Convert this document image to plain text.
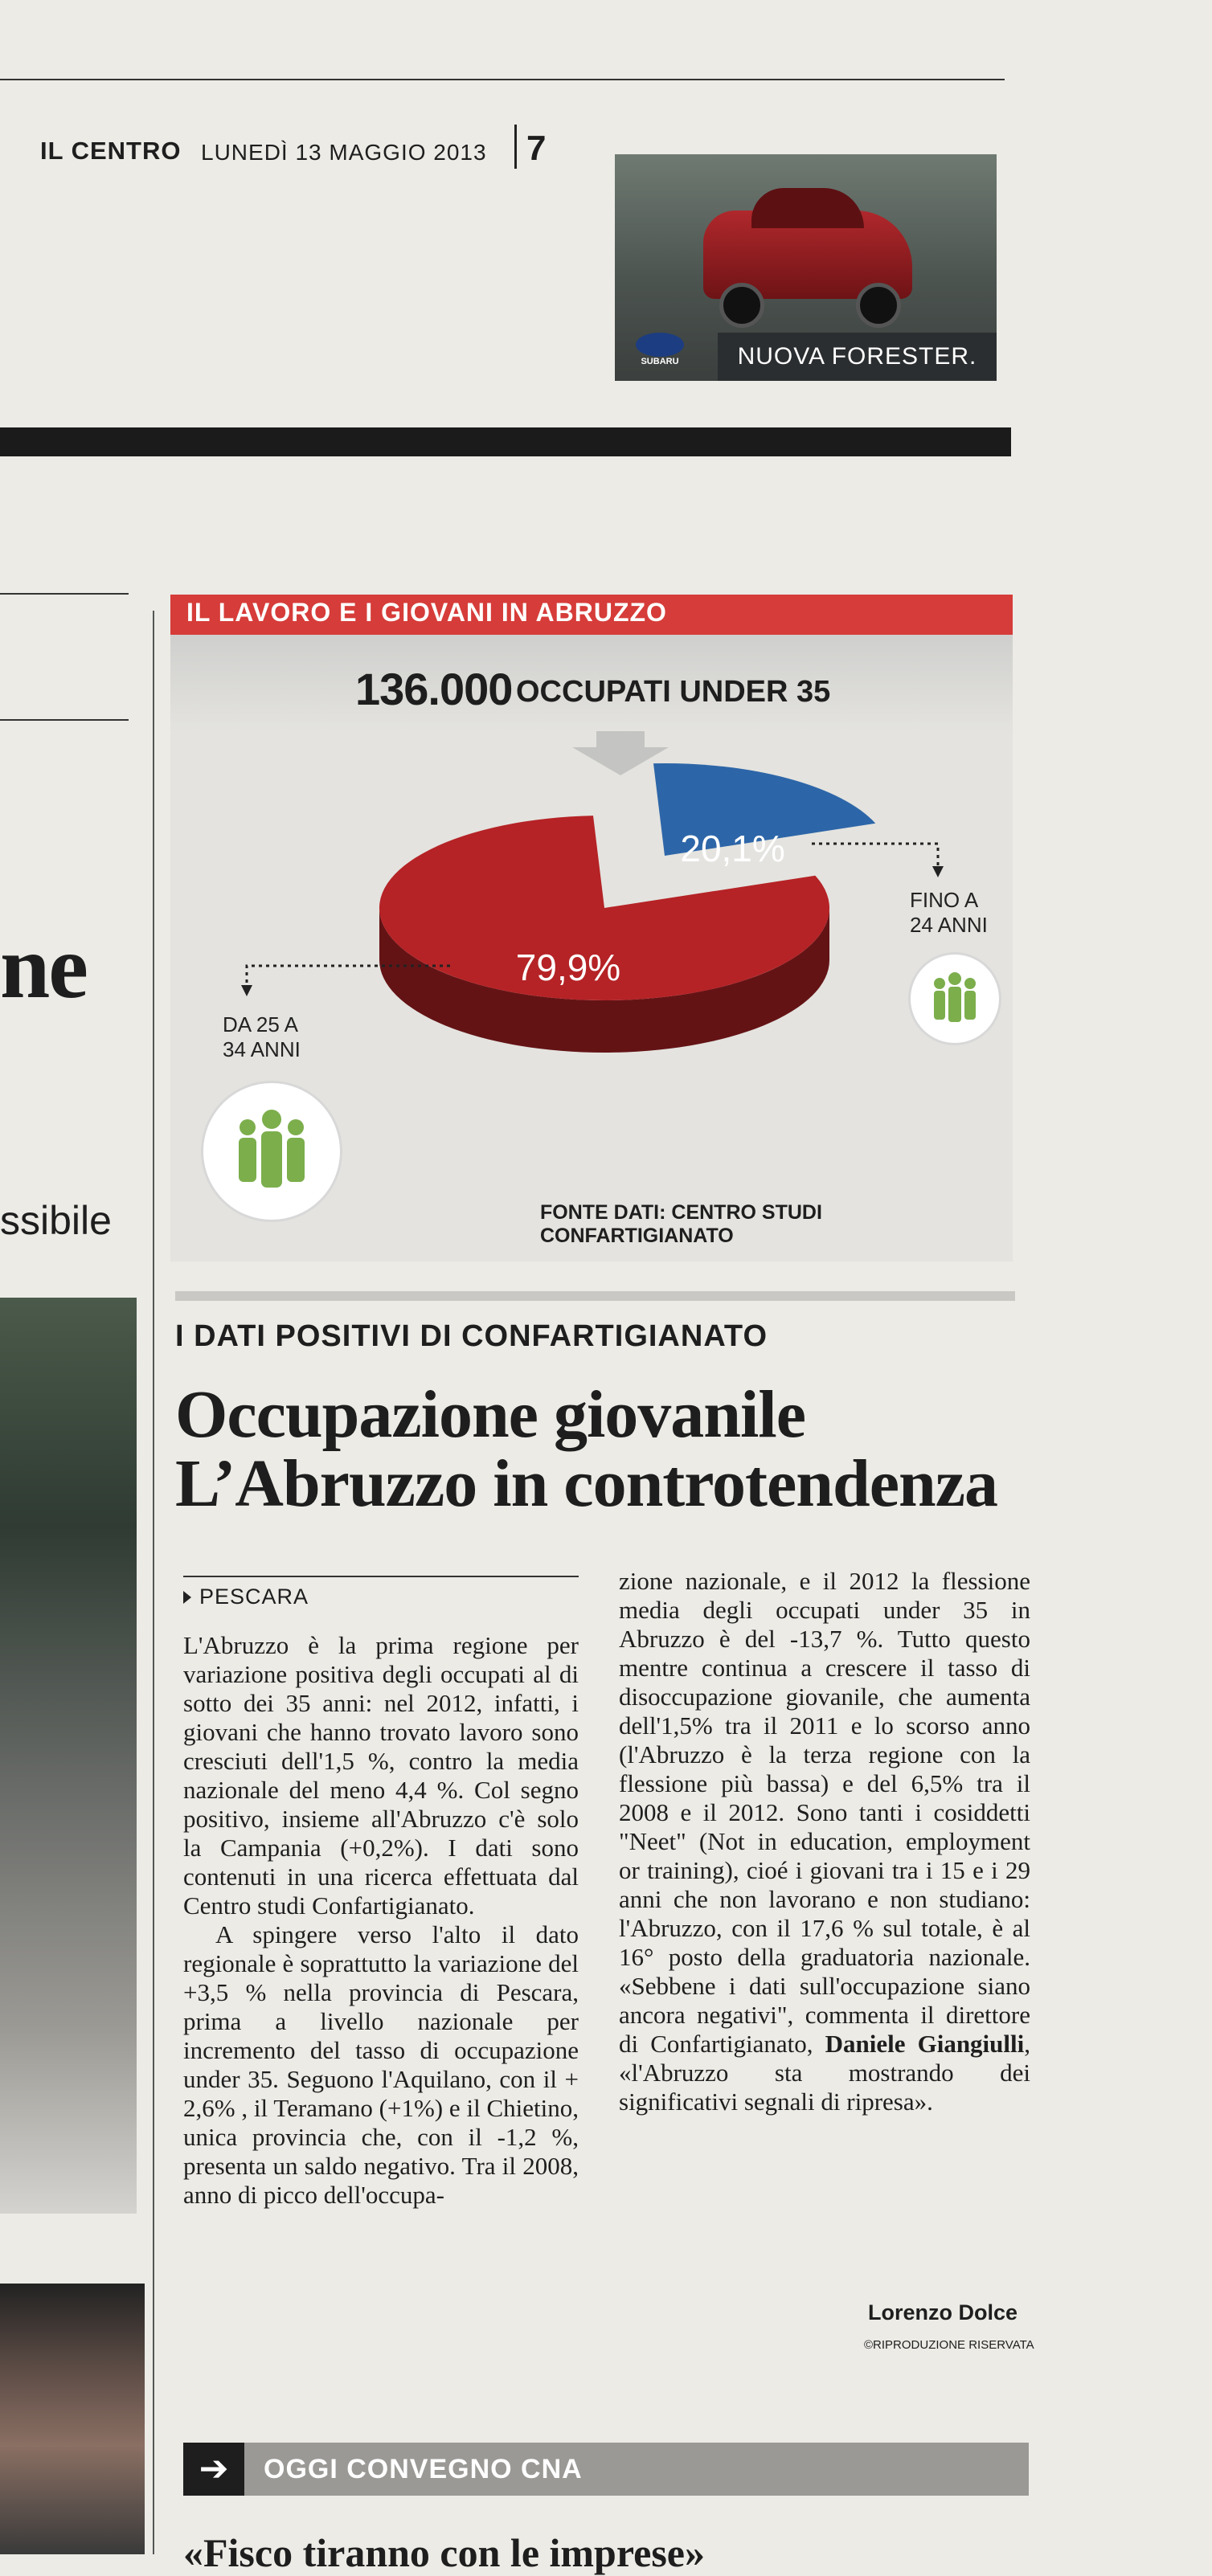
IL CENTRO LUNEDÌ 13 MAGGIO 2013 7
SUBARU	NUOVA FORESTER.
ne
ssibile
IL LAVORO E I GIOVANI IN ABRUZZO
136.000 OCCUPATI UNDER 35
79,9%
20,1%
DA 25 A
34 ANNI
FINO A
24 ANNI
FONTE DATI: CENTRO STUDI CONFARTIGIANATO
I DATI POSITIVI DI CONFARTIGIANATO
Occupazione giovanile
L’Abruzzo in controtendenza
PESCARA

L'Abruzzo è la prima regione per variazione positiva degli occupati al di sotto dei 35 anni: nel 2012, infatti, i giovani che hanno trovato lavoro sono cresciuti dell'1,5 %, contro la media nazionale del meno 4,4 %. Col segno positivo, insieme all'Abruzzo c'è solo la Campania (+0,2%). I dati sono contenuti in una ricerca effettuata dal Centro studi Confartigianato.

A spingere verso l'alto il dato regionale è soprattutto la variazione del +3,5 % nella provincia di Pescara, prima a livello nazionale per incremento del tasso di occupazione under 35. Seguono l'Aquilano, con il + 2,6% , il Teramano (+1%) e il Chietino, unica provincia che, con il -1,2 %, presenta un saldo negativo. Tra il 2008, anno di picco dell'occupa-

zione nazionale, e il 2012 la flessione media degli occupati under 35 in Abruzzo è del -13,7 %. Tutto questo mentre continua a crescere il tasso di disoccupazione giovanile, che aumenta dell'1,5% tra il 2011 e lo scorso anno (l'Abruzzo è la terza regione con la flessione più bassa) e del 6,5% tra il 2008 e il 2012. Sono tanti i cosiddetti "Neet" (Not in education, employment or training), cioé i giovani tra i 15 e i 29 anni che non lavorano e non studiano: l'Abruzzo, con il 17,6 % sul totale, è al 16° posto della graduatoria nazionale. «Sebbene i dati sull'occupazione siano ancora negativi", commenta il direttore di Confartigianato, Daniele Giangiulli, «l'Abruzzo sta mostrando dei significativi segnali di ripresa».

Lorenzo Dolce
©RIPRODUZIONE RISERVATA
➔	OGGI CONVEGNO CNA
«Fisco tiranno con le imprese»
